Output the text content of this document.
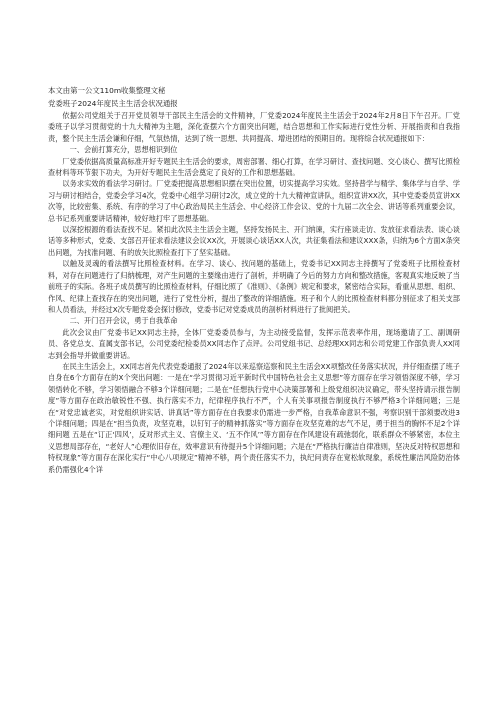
本文由第一公文110m收集整理文秘

党委班子2024年度民主生活会状况通报

依据公司党组关于召开党员领导干部民主生活会的文件精神，厂党委2024年度民主生活会于2024年2月8日下午召开。厂党委班子以学习贯彻党的十九大精神为主题，深化查摆六个方面突出问题，结合思想和工作实际进行党性分析、开展指责和自我指责，整个民主生活会谦和仔细，气氛热情，达到了统一思想、共同提高、增进团结的预期目的。现将综合状况通报如下：

一、会前打算充分，思想相识到位

厂党委依据高质量高标准开好专题民主生活会的要求，周密部署、细心打算，在学习研讨、查找问题、交心谈心、撰写比照检查材料等环节狠下功夫，为开好专题民主生活会奠定了良好的工作和思想基础。

以务求实效的看法学习研讨。厂党委把提高思想相识摆在突出位置，切实提高学习实效。坚持普学与精学、集体学与自学、学习与研讨相结合，党委会学习4次，党委中心组学习研讨2次，成立党的十九大精神宣讲队，组织宣讲XX次，其中党委委员宣讲XX次等，比较密集、系统、有序的学习了中心政治局民主生活会、中心经济工作会议、党的十九届二次全会、讲话等系列重要会议，总书记系列重要讲话精神，较好地打牢了思想基础。

以深挖根源的看法查找不足。紧扣此次民主生活会主题，坚持发扬民主、开门纳谏，实行座谈走访、发放征求看法表、谈心谈话等多种形式，党委、支部召开征求看法建议会议XX次，开展谈心谈话XX人次，共征集看法和建议XXX条，归纳为6个方面X条突出问题，为找准问题、有的放矢比照检查打下了坚实基础。

以触及灵魂的看法撰写比照检查材料。在学习、谈心、找问题的基础上，党委书记XX同志主持撰写了党委班子比照检查材料，对存在问题进行了归纳梳理，对产生问题的主要缘由进行了剖析，并明确了今后的努力方向和整改措施，客观真实地反映了当前班子的实际。各班子成员撰写的比照检查材料，仔细比照了《准则》、《条例》规定和要求，紧密结合实际，看重从思想、组织、作风、纪律上查找存在的突出问题，进行了党性分析，提出了整改的详细措施。班子和个人的比照检查材料都分别征求了相关支部和人员看法，并经过X次专题党委会探讨修改，党委书记对党委成员的剖析材料进行了批阅把关。

二、开门召开会议，勇于自我革命

此次会议由厂党委书记XX同志主持，全体厂党委委员参与，为主动接受监督，发挥示范表率作用，现场邀请了工、副调研员、各党总支、直属支部书记，公司党委纪检委员XX同志作了点评。公司党组书记、总经理XX同志和公司党建工作部负责人XX同志到会指导并做重要讲话。

在民主生活会上，XX同志首先代表党委通报了2024年以来巡察巡察和民主生活会XX项整改任务落实状况，并仔细查摆了班子自身在6个方面存在的X个突出问题：一是在“学习贯彻习近平新时代中国特色社会主义思想”等方面存在学习领悟深度不够，学习领悟转化不够，学习领悟融合不够3个详细问题；二是在“任想执行党中心决策部署和上级党组织决议确定，带头坚持请示报告制度”等方面存在政治敏锐性不强、执行落实不力，纪律程序执行不严，个人有关事项报告制度执行不够严格3个详细问题；三是在“对党忠诚老实，对党组织讲实话、讲真话”等方面存在自我要求仍需进一步严格，自我革命意识不强，考察识别干部须要改进3个详细问题；四是在“担当负责，攻坚克难，以钉钉子的精神抓落实”等方面存在攻坚克难的志气不足，勇于担当的胸怀不足2个详细问题 五是在“订正‘四风’，反对形式主义、官僚主义、‘五不作风’”等方面存在作风建设有疏弛弱化，联系群众不够紧密，本位主义思想局部存在，“老好人”心理依旧存在，效率意识有待提升5个详细问题；六是在“严格执行廉洁自律准则，坚决反对特权思想和特权现象”等方面存在深化实行“中心八项规定”精神不够，两个责任落实不力，执纪问责存在宽松软现象，系统性廉洁风险防治体系仍需强化4个详
